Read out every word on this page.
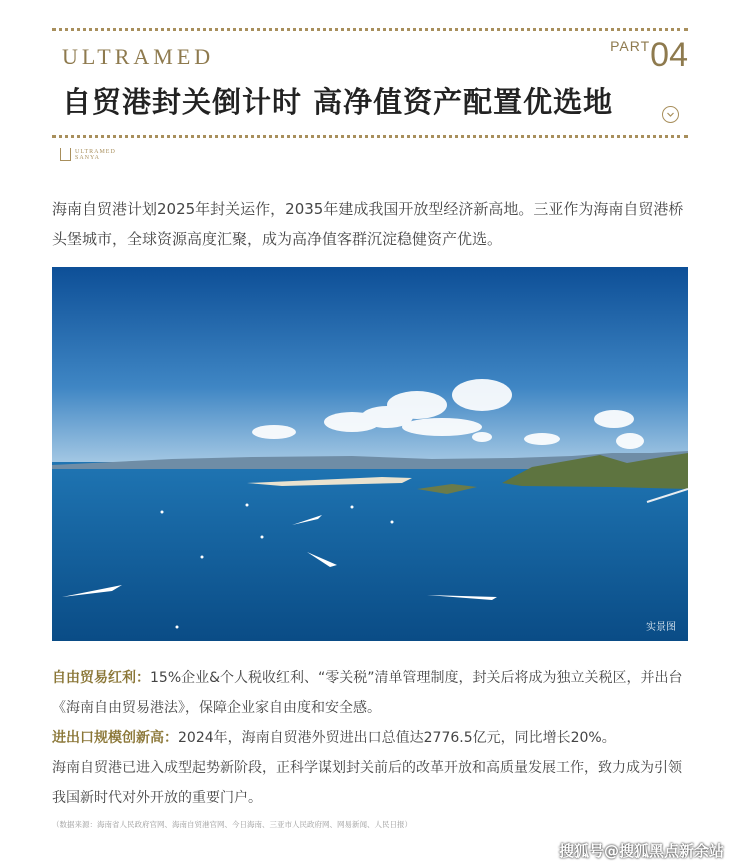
ULTRAMED	PART04
自贸港封关倒计时 高净值资产配置优选地
ULTRAMED
SANYA
海南自贸港计划2025年封关运作，2035年建成我国开放型经济新高地。三亚作为海南自贸港桥头堡城市，全球资源高度汇聚，成为高净值客群沉淀稳健资产优选。
实景图
自由贸易红利：15%企业&个人税收红利、“零关税”清单管理制度，封关后将成为独立关税区，并出台《海南自由贸易港法》，保障企业家自由度和安全感。
进出口规模创新高：2024年，海南自贸港外贸进出口总值达2776.5亿元，同比增长20%。
海南自贸港已进入成型起势新阶段，正科学谋划封关前后的改革开放和高质量发展工作，致力成为引领我国新时代对外开放的重要门户。
（数据来源：海南省人民政府官网、海南自贸港官网、今日海南、三亚市人民政府网、网易新闻、人民日报）
搜狐号@搜狐黑点新余站
